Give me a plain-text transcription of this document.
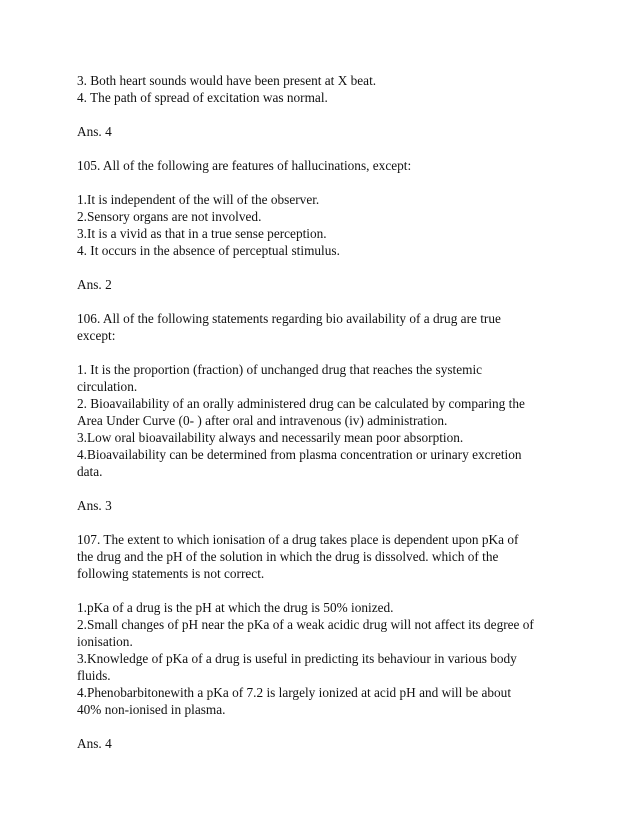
3. Both heart sounds would have been present at X beat.
4. The path of spread of excitation was normal.
Ans. 4
105. All of the following are features of hallucinations, except:
1.It is independent of the will of the observer.
2.Sensory organs are not involved.
3.It is a vivid as that in a true sense perception.
4. It occurs in the absence of perceptual stimulus.
Ans. 2
106. All of the following statements regarding bio availability of a drug are true
except:
1. It is the proportion (fraction) of unchanged drug that reaches the systemic
circulation.
2. Bioavailability of an orally administered drug can be calculated by comparing the
Area Under Curve (0- ) after oral and intravenous (iv) administration.
3.Low oral bioavailability always and necessarily mean poor absorption.
4.Bioavailability can be determined from plasma concentration or urinary excretion
data.
Ans. 3
107. The extent to which ionisation of a drug takes place is dependent upon pKa of
the drug and the pH of the solution in which the drug is dissolved. which of the
following statements is not correct.
1.pKa of a drug is the pH at which the drug is 50% ionized.
2.Small changes of pH near the pKa of a weak acidic drug will not affect its degree of
ionisation.
3.Knowledge of pKa of a drug is useful in predicting its behaviour in various body
fluids.
4.Phenobarbitonewith a pKa of 7.2 is largely ionized at acid pH and will be about
40% non-ionised in plasma.
Ans. 4
